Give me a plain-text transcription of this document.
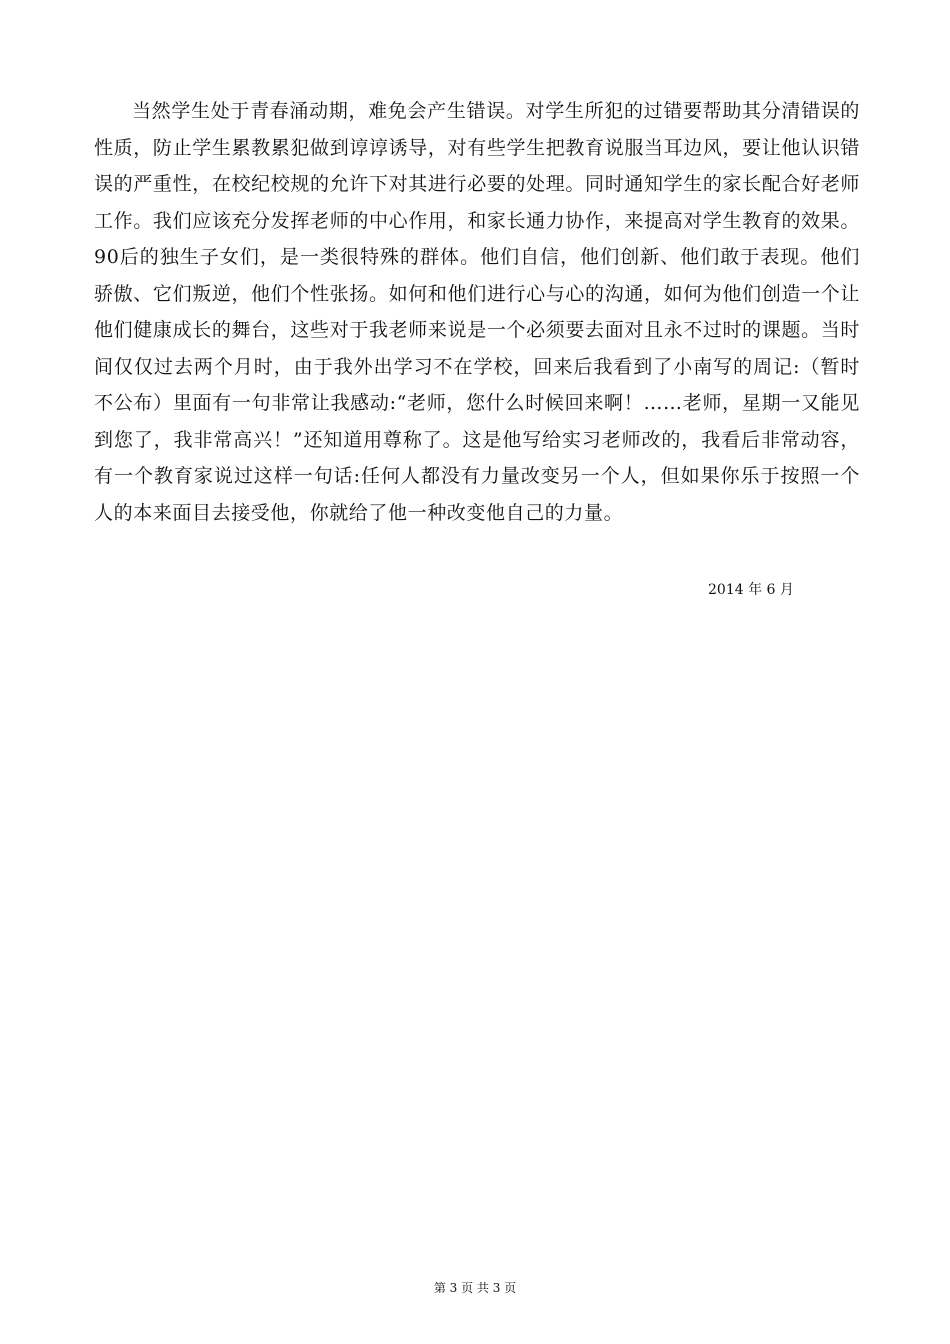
当然学生处于青春涌动期，难免会产生错误。对学生所犯的过错要帮助其分清错误的性质，防止学生累教累犯做到谆谆诱导，对有些学生把教育说服当耳边风，要让他认识错误的严重性，在校纪校规的允许下对其进行必要的处理。同时通知学生的家长配合好老师工作。我们应该充分发挥老师的中心作用，和家长通力协作，来提高对学生教育的效果。90后的独生子女们，是一类很特殊的群体。他们自信，他们创新、他们敢于表现。他们骄傲、它们叛逆，他们个性张扬。如何和他们进行心与心的沟通，如何为他们创造一个让他们健康成长的舞台，这些对于我老师来说是一个必须要去面对且永不过时的课题。当时间仅仅过去两个月时，由于我外出学习不在学校，回来后我看到了小南写的周记:（暂时不公布）里面有一句非常让我感动:“老师，您什么时候回来啊！……老师，星期一又能见到您了，我非常高兴！”还知道用尊称了。这是他写给实习老师改的，我看后非常动容，有一个教育家说过这样一句话:任何人都没有力量改变另一个人，但如果你乐于按照一个人的本来面目去接受他，你就给了他一种改变他自己的力量。

2014 年 6 月
第 3 页 共 3 页
